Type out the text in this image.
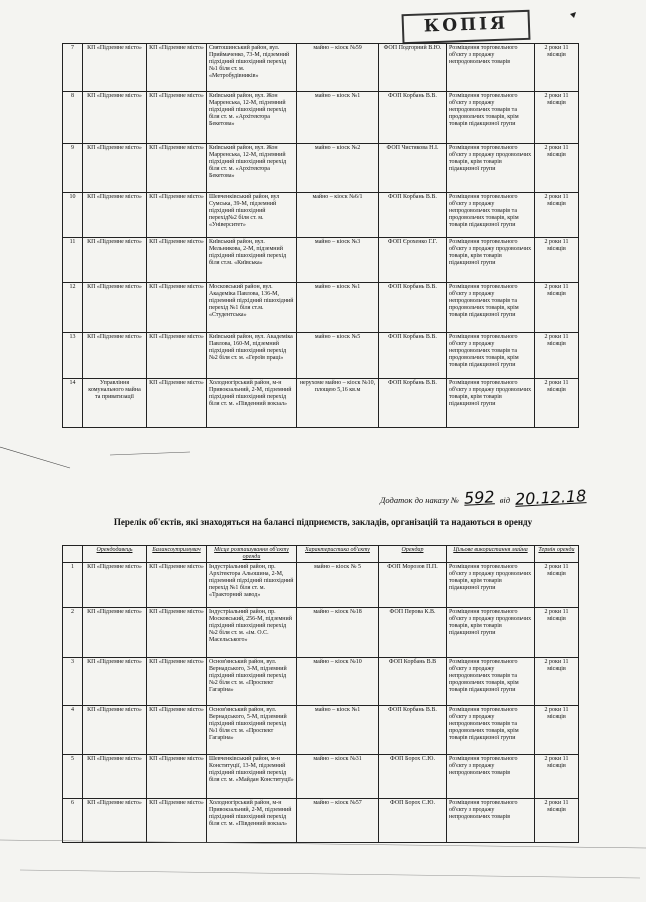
КОПІЯ
7	КП «Підземне місто»	КП «Підземне місто»	Святошинський район, вул. Приймаченко, 73-М, підземний підхідний пішохідний перехід №1 біля ст. м. «Метробудівників»	майно – кіоск №59	ФОП Подгорний В.Ю.	Розміщення торговельного об'єкту з продажу непродовольчих товарів	2 роки 11 місяців
8	КП «Підземне місто»	КП «Підземне місто»	Київський район, вул. Жон Марренська, 12-М, підземний підхідний пішохідний перехід біля ст. м. «Архітектора Бекетова»	майно – кіоск №1	ФОП Корбань В.В.	Розміщення торговельного об'єкту з продажу непродовольчих товарів та продовольчих товарів, крім товарів підакцизної групи	2 роки 11 місяців
9	КП «Підземне місто»	КП «Підземне місто»	Київський район, вул. Жон Марренська, 12-М, підземний підхідний пішохідний перехід біля ст. м. «Архітектора Бекетова»	майно – кіоск №2	ФОП Чистякова Н.І.	Розміщення торговельного об'єкту з продажу продовольчих товарів, крім товарів підакцизної групи	2 роки 11 місяців
10	КП «Підземне місто»	КП «Підземне місто»	Шевченківський район, вул Сумська, 39-М, підземний підхідний пішохідний перехід№2 біля ст. м. «Університет»	майно – кіоск №6/1	ФОП Корбань В.В.	Розміщення торговельного об'єкту з продажу непродовольчих товарів та продовольчих товарів, крім товарів підакцизної групи	2 роки 11 місяців
11	КП «Підземне місто»	КП «Підземне місто»	Київський район, вул. Мельникова, 2-М, підземний підхідний пішохідний перехід біля ст.м. «Київська»	майно – кіоск №3	ФОП Єрохенко Г.Г.	Розміщення торговельного об'єкту з продажу продовольчих товарів, крім товарів підакцизної групи	2 роки 11 місяців
12	КП «Підземне місто»	КП «Підземне місто»	Московський район, вул. Академіка Павлова, 136-М, підземний підхідний пішохідний перехід №1 біля ст.м. «Студентська»	майно – кіоск №1	ФОП Корбань В.В.	Розміщення торговельного об'єкту з продажу непродовольчих товарів та продовольчих товарів, крім товарів підакцизної групи	2 роки 11 місяців
13	КП «Підземне місто»	КП «Підземне місто»	Київський район, вул. Академіка Павлова, 160-М, підземний підхідний пішохідний перехід №2 біля ст. м. «Героїв праці»	майно – кіоск №5	ФОП Корбань В.В.	Розміщення торговельного об'єкту з продажу непродовольчих товарів та продовольчих товарів, крім товарів підакцизної групи	2 роки 11 місяців
14	Управління комунального майна та приватизації	КП «Підземне місто»	Холодногірський район, м-н Привокзальний, 2-М, підземний підхідний пішохідний перехід біля ст. м. «Південний вокзал»	нерухоме майно – кіоск №10, площею 5,16 кв.м	ФОП Корбань В.В.	Розміщення торговельного об'єкту з продажу продовольчих товарів, крім товарів підакцизної групи	2 роки 11 місяців
Додаток до наказу № 592 від 20.12.18
Перелік об'єктів, які знаходяться на балансі підприємств, закладів, організацій та надаються в оренду
	Орендодавець	Балансоутримувач	Місце розташування об'єкту оренди	Характеристика об'єкту	Орендар	Цільове використання майна	Термін оренди
1	КП «Підземне місто»	КП «Підземне місто»	Індустріальний район, пр. Архітектора Альошина, 2-М, підземний підхідний пішохідний перехід №1 біля ст. м. «Тракторний завод»	майно – кіоск № 5	ФОП Морозов П.П.	Розміщення торговельного об'єкту з продажу продовольчих товарів, крім товарів підакцизної групи	2 роки 11 місяців
2	КП «Підземне місто»	КП «Підземне місто»	Індустріальний район, пр. Московський, 256-М, підземний підхідний пішохідний перехід №2 біля ст. м. «ім. О.С. Масельського»	майно – кіоск №18	ФОП Перова К.В.	Розміщення торговельного об'єкту з продажу продовольчих товарів, крім товарів підакцизної групи	2 роки 11 місяців
3	КП «Підземне місто»	КП «Підземне місто»	Основ'янський район, вул. Вернадського, 3-М, підземний підхідний пішохідний перехід №2 біля ст. м. «Проспект Гагаріна»	майно – кіоск №10	ФОП Корбань В.В	Розміщення торговельного об'єкту з продажу непродовольчих товарів та продовольчих товарів, крім товарів підакцизної групи	2 роки 11 місяців
4	КП «Підземне місто»	КП «Підземне місто»	Основ'янський район, вул. Вернадського, 5-М, підземний підхідний пішохідний перехід №1 біля ст. м. «Проспект Гагаріна»	майно – кіоск №1	ФОП Корбань В.В.	Розміщення торговельного об'єкту з продажу непродовольчих товарів та продовольчих товарів, крім товарів підакцизної групи	2 роки 11 місяців
5	КП «Підземне місто»	КП «Підземне місто»	Шевченківський район, м-н Конституції, 13-М, підземний підхідний пішохідний перехід біля ст. м. «Майдан Конституції»	майно – кіоск №31	ФОП Борох С.Ю.	Розміщення торговельного об'єкту з продажу непродовольчих товарів	2 роки 11 місяців
6	КП «Підземне місто»	КП «Підземне місто»	Холодногірський район, м-н Привокзальний, 2-М, підземний підхідний пішохідний перехід біля ст. м. «Південний вокзал»	майно – кіоск №57	ФОП Борох С.Ю.	Розміщення торговельного об'єкту з продажу непродовольчих товарів	2 роки 11 місяців
